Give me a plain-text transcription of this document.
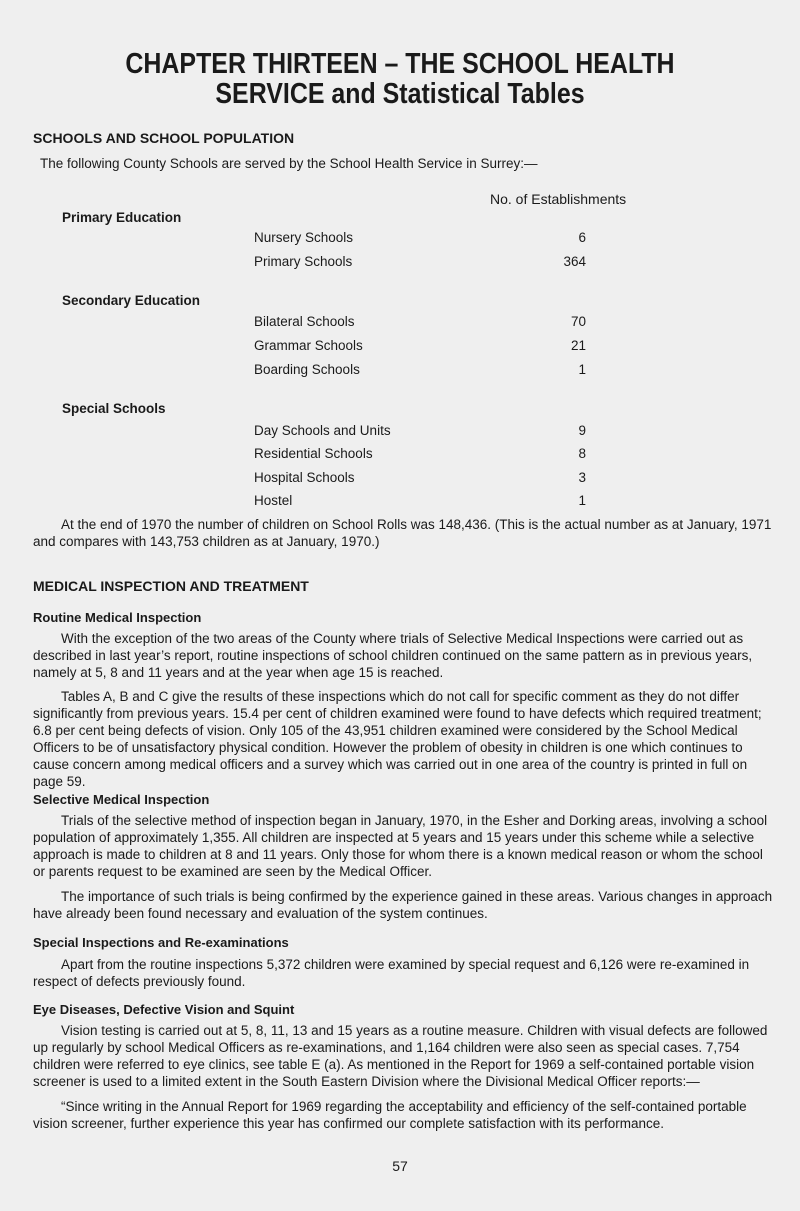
CHAPTER THIRTEEN – THE SCHOOL HEALTH
SERVICE and Statistical Tables
SCHOOLS AND SCHOOL POPULATION
The following County Schools are served by the School Health Service in Surrey:—
No. of Establishments
Primary Education
Nursery Schools	6
Primary Schools	364
Secondary Education
Bilateral Schools	70
Grammar Schools	21
Boarding Schools	1
Special Schools
Day Schools and Units	9
Residential Schools	8
Hospital Schools	3
Hostel	1
At the end of 1970 the number of children on School Rolls was 148,436. (This is the actual number as at January, 1971 and compares with 143,753 children as at January, 1970.)
MEDICAL INSPECTION AND TREATMENT
Routine Medical Inspection
With the exception of the two areas of the County where trials of Selective Medical Inspections were carried out as described in last year’s report, routine inspections of school children continued on the same pattern as in previous years, namely at 5, 8 and 11 years and at the year when age 15 is reached.
Tables A, B and C give the results of these inspections which do not call for specific comment as they do not differ significantly from previous years. 15.4 per cent of children examined were found to have defects which required treatment; 6.8 per cent being defects of vision. Only 105 of the 43,951 children examined were considered by the School Medical Officers to be of unsatisfactory physical condition. However the problem of obesity in children is one which continues to cause concern among medical officers and a survey which was carried out in one area of the country is printed in full on page 59.
Selective Medical Inspection
Trials of the selective method of inspection began in January, 1970, in the Esher and Dorking areas, involving a school population of approximately 1,355. All children are inspected at 5 years and 15 years under this scheme while a selective approach is made to children at 8 and 11 years. Only those for whom there is a known medical reason or whom the school or parents request to be examined are seen by the Medical Officer.
The importance of such trials is being confirmed by the experience gained in these areas. Various changes in approach have already been found necessary and evaluation of the system continues.
Special Inspections and Re-examinations
Apart from the routine inspections 5,372 children were examined by special request and 6,126 were re-examined in respect of defects previously found.
Eye Diseases, Defective Vision and Squint
Vision testing is carried out at 5, 8, 11, 13 and 15 years as a routine measure. Children with visual defects are followed up regularly by school Medical Officers as re-examinations, and 1,164 children were also seen as special cases. 7,754 children were referred to eye clinics, see table E (a). As mentioned in the Report for 1969 a self-contained portable vision screener is used to a limited extent in the South Eastern Division where the Divisional Medical Officer reports:—
“Since writing in the Annual Report for 1969 regarding the acceptability and efficiency of the self-contained portable vision screener, further experience this year has confirmed our complete satisfaction with its performance.
57
